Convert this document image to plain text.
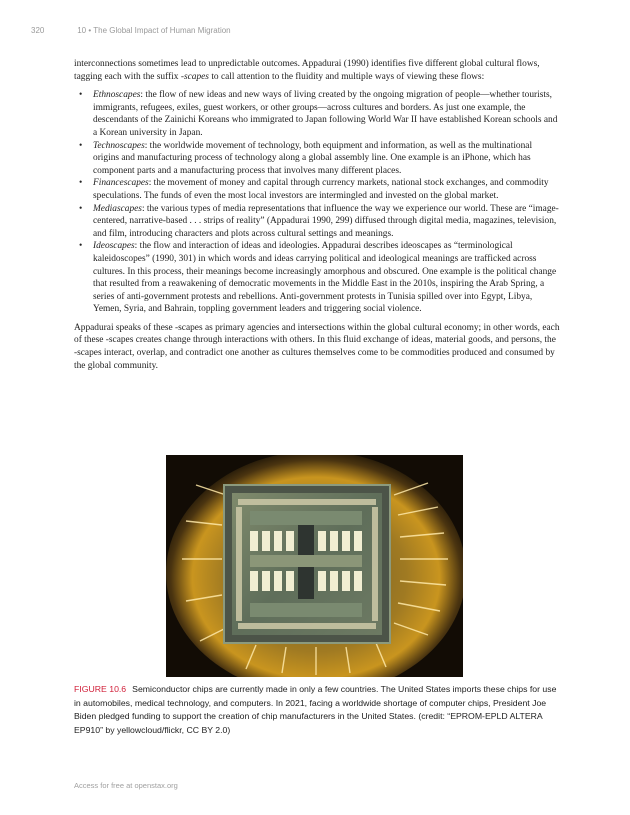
320	10 • The Global Impact of Human Migration

interconnections sometimes lead to unpredictable outcomes. Appadurai (1990) identifies five different global cultural flows, tagging each with the suffix -scapes to call attention to the fluidity and multiple ways of viewing these flows:

• Ethnoscapes: the flow of new ideas and new ways of living created by the ongoing migration of people—whether tourists, immigrants, refugees, exiles, guest workers, or other groups—across cultures and borders. As just one example, the descendants of the Zainichi Koreans who immigrated to Japan following World War II have established Korean schools and a Korean university in Japan.
• Technoscapes: the worldwide movement of technology, both equipment and information, as well as the multinational origins and manufacturing process of technology along a global assembly line. One example is an iPhone, which has component parts and a manufacturing process that involves many different places.
• Financescapes: the movement of money and capital through currency markets, national stock exchanges, and commodity speculations. The funds of even the most local investors are intermingled and invested on the global market.
• Mediascapes: the various types of media representations that influence the way we experience our world. These are “image-centered, narrative-based . . . strips of reality” (Appadurai 1990, 299) diffused through digital media, magazines, television, and film, introducing characters and plots across cultural settings and meanings.
• Ideoscapes: the flow and interaction of ideas and ideologies. Appadurai describes ideoscapes as “terminological kaleidoscopes” (1990, 301) in which words and ideas carrying political and ideological meanings are trafficked across cultures. In this process, their meanings become increasingly amorphous and obscured. One example is the political change that resulted from a reawakening of democratic movements in the Middle East in the 2010s, inspiring the Arab Spring, a series of anti-government protests and rebellions. Anti-government protests in Tunisia spilled over into Egypt, Libya, Yemen, Syria, and Bahrain, toppling government leaders and triggering social violence.

Appadurai speaks of these -scapes as primary agencies and intersections within the global cultural economy; in other words, each of these -scapes creates change through interactions with others. In this fluid exchange of ideas, material goods, and persons, the -scapes interact, overlap, and contradict one another as cultures themselves come to be commodities produced and consumed by the global community.

FIGURE 10.6 Semiconductor chips are currently made in only a few countries. The United States imports these chips for use in automobiles, medical technology, and computers. In 2021, facing a worldwide shortage of computer chips, President Joe Biden pledged funding to support the creation of chip manufacturers in the United States. (credit: “EPROM-EPLD ALTERA EP910” by yellowcloud/flickr, CC BY 2.0)
Access for free at openstax.org
